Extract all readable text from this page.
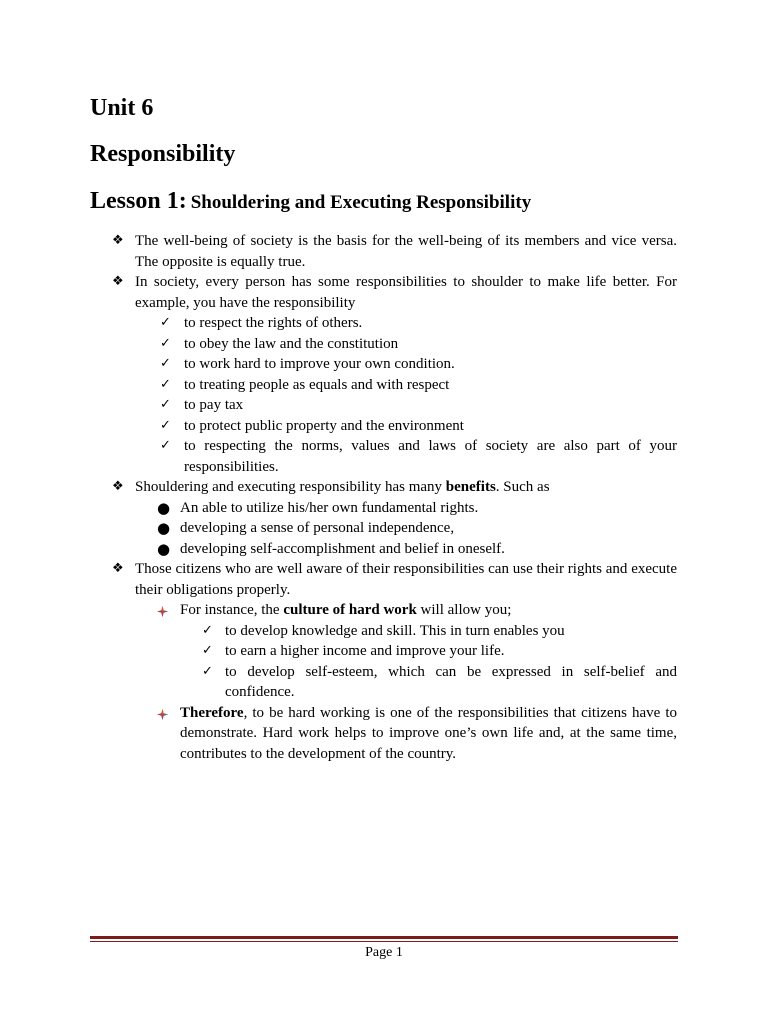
Unit 6
Responsibility
Lesson 1: Shouldering and Executing Responsibility
❖ The well-being of society is the basis for the well-being of its members and vice versa. The opposite is equally true.
❖ In society, every person has some responsibilities to shoulder to make life better. For example, you have the responsibility
✓ to respect the rights of others.
✓ to obey the law and the constitution
✓ to work hard to improve your own condition.
✓ to treating people as equals and with respect
✓ to pay tax
✓ to protect public property and the environment
✓ to respecting the norms, values and laws of society are also part of your responsibilities.
❖ Shouldering and executing responsibility has many benefits. Such as
● An able to utilize his/her own fundamental rights.
● developing a sense of personal independence,
● developing self-accomplishment and belief in oneself.
❖ Those citizens who are well aware of their responsibilities can use their rights and execute their obligations properly.
For instance, the culture of hard work will allow you;
✓ to develop knowledge and skill. This in turn enables you
✓ to earn a higher income and improve your life.
✓ to develop self-esteem, which can be expressed in self-belief and confidence.
Therefore, to be hard working is one of the responsibilities that citizens have to demonstrate. Hard work helps to improve one’s own life and, at the same time, contributes to the development of the country.
Page 1
